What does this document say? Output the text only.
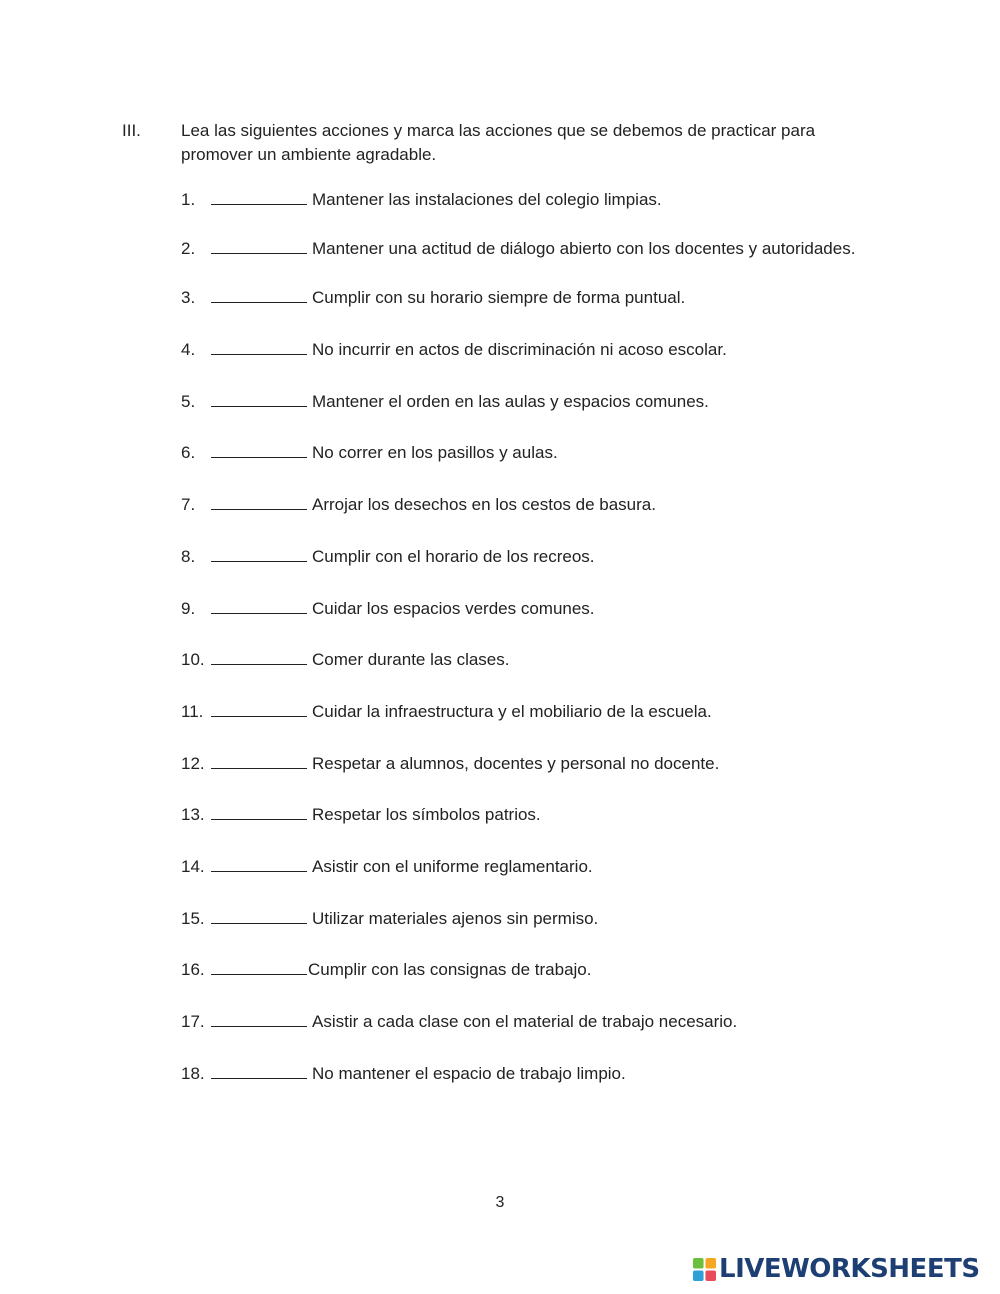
III. Lea las siguientes acciones y marca las acciones que se debemos de practicar para promover un ambiente agradable.
1.	Mantener las instalaciones del colegio limpias.
2.	Mantener una actitud de diálogo abierto con los docentes y autoridades.
3.	Cumplir con su horario siempre de forma puntual.
4.	No incurrir en actos de discriminación ni acoso escolar.
5.	Mantener el orden en las aulas y espacios comunes.
6.	No correr en los pasillos y aulas.
7.	Arrojar los desechos en los cestos de basura.
8.	Cumplir con el horario de los recreos.
9.	Cuidar los espacios verdes comunes.
10.	Comer durante las clases.
11.	Cuidar la infraestructura y el mobiliario de la escuela.
12.	Respetar a alumnos, docentes y personal no docente.
13.	Respetar los símbolos patrios.
14.	Asistir con el uniforme reglamentario.
15.	Utilizar materiales ajenos sin permiso.
16.	Cumplir con las consignas de trabajo.
17.	Asistir a cada clase con el material de trabajo necesario.
18.	No mantener el espacio de trabajo limpio.
3
LIVEWORKSHEETS
